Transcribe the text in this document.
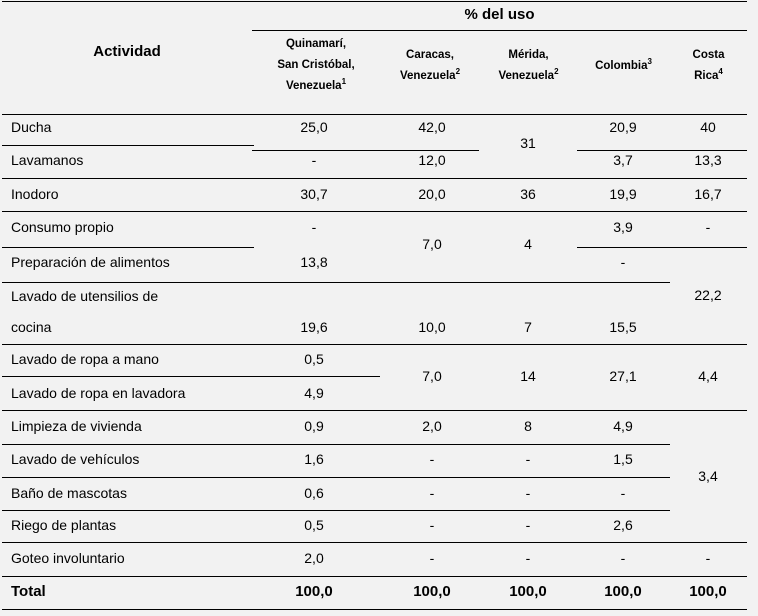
% del uso
Actividad	Quinamarí,
San Cristóbal,
Venezuela$^1$
Caracas,
Venezuela$^2$
Mérida,
Venezuela$^2$	Colombia$^3$
Costa
Rica$^4$
Ducha
Lavamanos
Inodoro
Consumo propio
Preparación de alimentos
Lavado de utensilios de
cocina
Lavado de ropa a mano
Lavado de ropa en lavadora
Limpieza de vivienda
Lavado de vehículos
Baño de mascotas
Riego de plantas
Goteo involuntario
Total
25,0
-
30,7
-
13,8
19,6
0,5
4,9
0,9
1,6
0,6
0,5
2,0
100,0
42,0
12,0
20,0
7,0
10,0
7,0
2,0
-
-
-
-
100,0
31
36
4
7
14
8
-
-
-
-
100,0
20,9
3,7
19,9
3,9
-
15,5
27,1
4,9
1,5
-
2,6
-
100,0
40
13,3
16,7
-
22,2
4,4
3,4
-
100,0
